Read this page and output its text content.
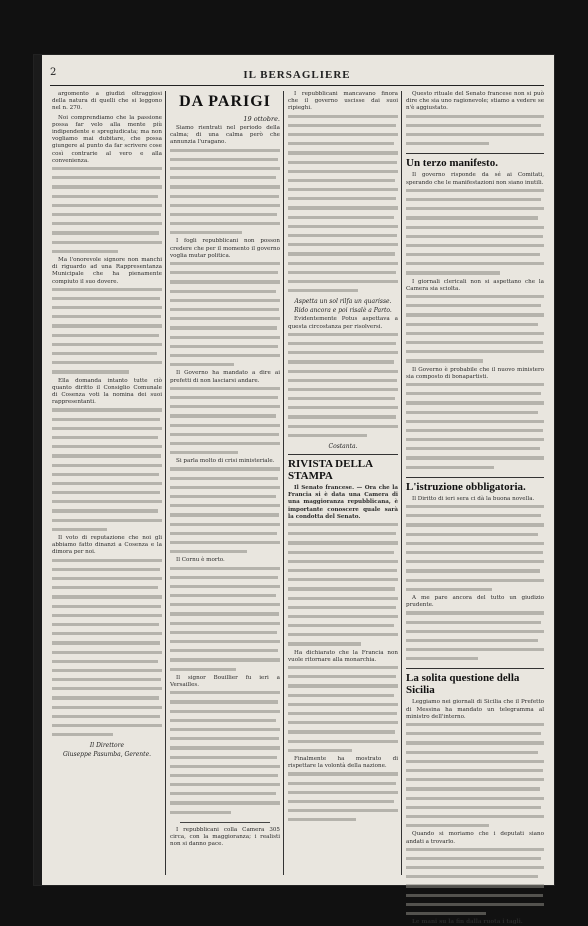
2	IL BERSAGLIERE

argomento a giudizi oltraggiosi della natura di quelli che si leggono nel n. 270.

Noi comprendiamo che la passione possa far velo alla mente più indipendente e spregiudicata; ma non vogliamo mai dubitare, che possa giungere al punto da far scrivere cose così contrarie al vero e alla convenienza.

Ma l'onorevole signore non manchi di riguardo ad una Rappresentanza Municipale che ha pienamente compiuto il suo dovere.

Ella domanda intanto tutte ciò quanto diritto il Consiglio Comunale di Cosenza voti la nomina dei suoi rappresentanti.

Il voto di reputazione che noi gli abbiamo fatto dinanzi a Cosenza e la dimora per noi.

Il Direttore

Giuseppe Pasumba, Gerente.

DA PARIGI

19 ottobre.

Siamo rientrati nel periodo della calma; di una calma però che annunzia l'uragano.

I fogli repubblicani non posson credere che per il momento il governo voglia mutar politica.

Il Governo ha mandato a dire ai prefetti di non lasciarsi andare.

Si parla molto di crisi ministeriale.

Il Cornu è morto.

Il signor Bouillier fu ieri a Versailles.

I repubblicani colla Camera 305 circa, con la maggioranza; i realisti non si danno pace.

I repubblicani mancavano finora che il governo uscisse dai suoi ripieghi.

Aspetta un sol rilfa un quarisse.

Rido ancora e poi risalè a Parto.

Evidentemente Potus aspettava a questa circostanza per risolversi.

Costanta.

RIVISTA DELLA STAMPA

Il Senato francese. — Ora che la Francia si è data una Camera di una maggioranza repubblicana, è importante conoscere quale sarà la condotta del Senato.

Ha dichiarato che la Francia non vuole ritornare alla monarchia.

Finalmente ha mostrato di rispettare la volontà della nazione.

Questo rituale del Senato francese non si può dire che sia uno ragionevole; stiamo a vedere se n'è aggiustato.

Un terzo manifesto.

Il governo risponde da sé ai Comitati, sperando che le manifestazioni non siano inutili.

I giornali clericali non si aspettano che la Camera sia sciolta.

Il Governo è probabile che il nuovo ministero sia composto di bonapartisti.

L'istruzione obbligatoria.

Il Diritto di ieri sera ci dà la buona novella.

A me pare ancora del tutto un giudizio prudente.

La solita questione della Sicilia

Leggiamo nei giornali di Sicilia che il Prefetto di Messina ha mandato un telegramma al ministro dell'interno.

Quando si moriamo che i deputati siano andati a trovarlo.

Le mani su la fin dalla ruota i tagli.
